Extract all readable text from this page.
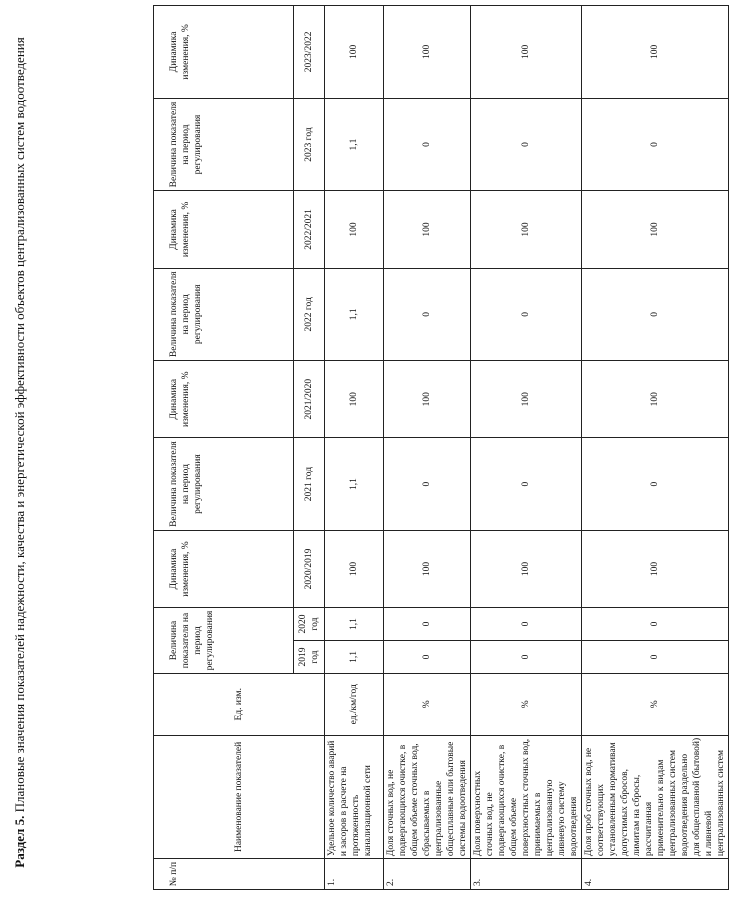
Раздел 5. Плановые значения показателей надежности, качества и энергетической эффективности объектов централизованных систем водоотведения
№ п/п	Наименование показателей	Ед. изм.	Величина показателя на период регулирования		Динамика изменения, %	Величина показателя на период регулирования	Динамика изменения, %	Величина показателя на период регулирования	Динамика изменения, %	Величина показателя на период регулирования	Динамика изменения, %
			2019 год	2020 год	2020/2019	2021 год	2021/2020	2022 год	2022/2021	2023 год	2023/2022
1.	Удельное количество аварий и засоров в расчете на протяженность канализационной сети	ед./км/год	1,1	1,1	100	1,1	100	1,1	100	1,1	100
2.	Доля сточных вод, не подвергающихся очистке, в общем объеме сточных вод, сбрасываемых в централизованные общесплавные или бытовые системы водоотведения	%	0	0	100	0	100	0	100	0	100
3.	Доля поверхностных сточных вод, не подвергающихся очистке, в общем объеме поверхностных сточных вод, принимаемых в централизованную ливневую систему водоотведения	%	0	0	100	0	100	0	100	0	100
4.	Доля проб сточных вод, не соответствующих установленным нормативам допустимых сбросов, лимитам на сбросы, рассчитанная применительно к видам централизованных систем водоотведения раздельно для общесплавной (бытовой) и ливневой централизованных систем	%	0	0	100	0	100	0	100	0	100
